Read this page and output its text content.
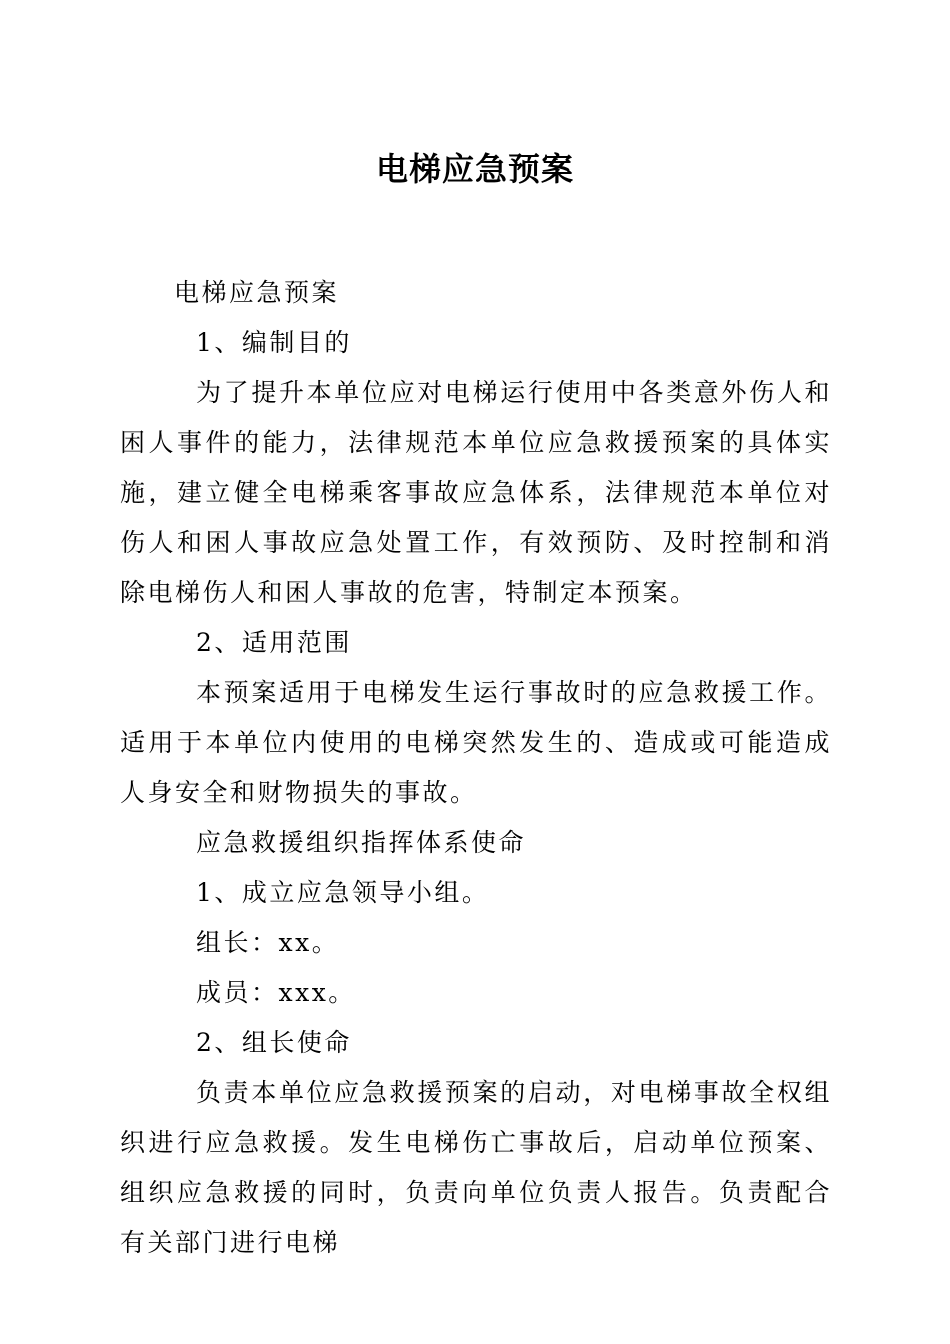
电梯应急预案

电梯应急预案

1、编制目的

为了提升本单位应对电梯运行使用中各类意外伤人和困人事件的能力，法律规范本单位应急救援预案的具体实施，建立健全电梯乘客事故应急体系，法律规范本单位对伤人和困人事故应急处置工作，有效预防、及时控制和消除电梯伤人和困人事故的危害，特制定本预案。

2、适用范围

本预案适用于电梯发生运行事故时的应急救援工作。适用于本单位内使用的电梯突然发生的、造成或可能造成人身安全和财物损失的事故。

应急救援组织指挥体系使命

1、成立应急领导小组。

组长：xx。

成员：xxx。

2、组长使命

负责本单位应急救援预案的启动，对电梯事故全权组织进行应急救援。发生电梯伤亡事故后，启动单位预案、组织应急救援的同时，负责向单位负责人报告。负责配合有关部门进行电梯
